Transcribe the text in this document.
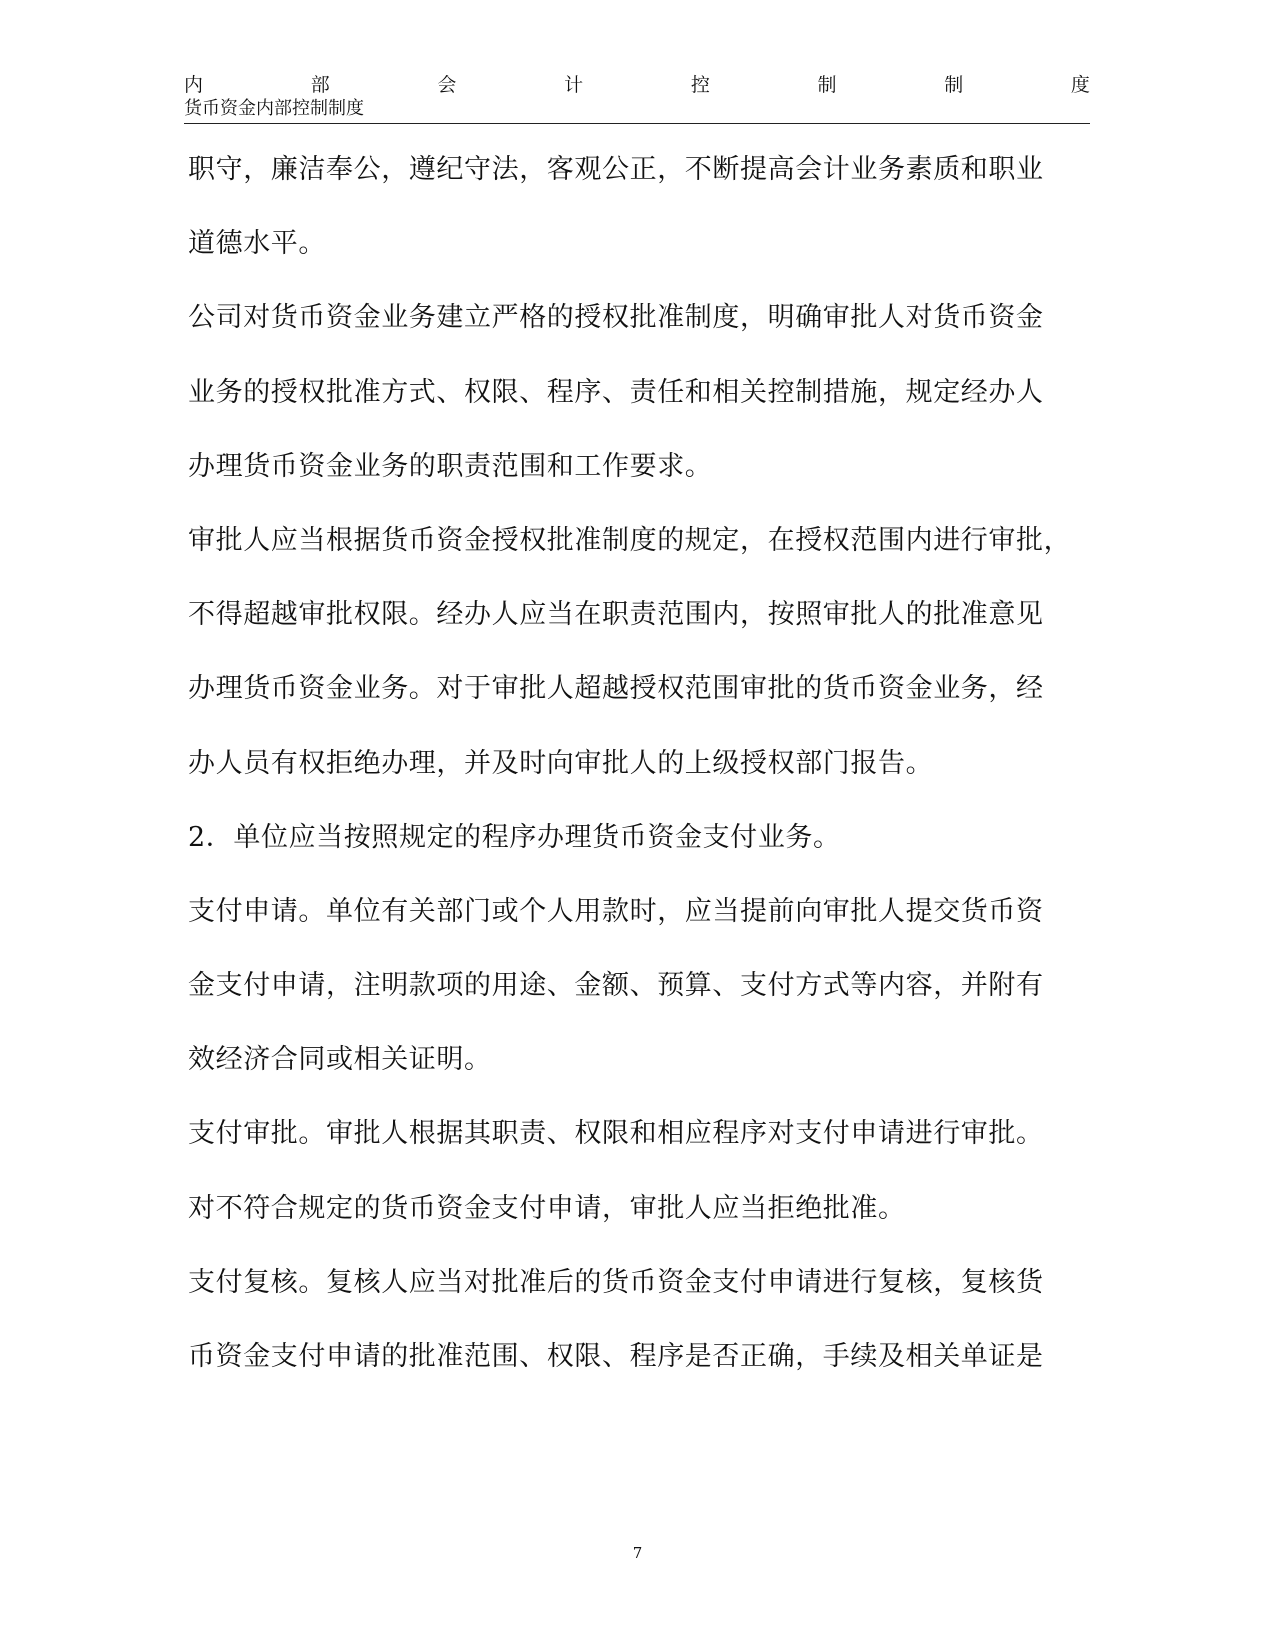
内	部	会	计	控	制	制	度
货币资金内部控制制度
职守，廉洁奉公，遵纪守法，客观公正，不断提高会计业务素质和职业
道德水平。
公司对货币资金业务建立严格的授权批准制度，明确审批人对货币资金
业务的授权批准方式、权限、程序、责任和相关控制措施，规定经办人
办理货币资金业务的职责范围和工作要求。
审批人应当根据货币资金授权批准制度的规定，在授权范围内进行审批，
不得超越审批权限。经办人应当在职责范围内，按照审批人的批准意见
办理货币资金业务。对于审批人超越授权范围审批的货币资金业务，经
办人员有权拒绝办理，并及时向审批人的上级授权部门报告。
2．单位应当按照规定的程序办理货币资金支付业务。
支付申请。单位有关部门或个人用款时，应当提前向审批人提交货币资
金支付申请，注明款项的用途、金额、预算、支付方式等内容，并附有
效经济合同或相关证明。
支付审批。审批人根据其职责、权限和相应程序对支付申请进行审批。
对不符合规定的货币资金支付申请，审批人应当拒绝批准。
支付复核。复核人应当对批准后的货币资金支付申请进行复核，复核货
币资金支付申请的批准范围、权限、程序是否正确，手续及相关单证是
7
